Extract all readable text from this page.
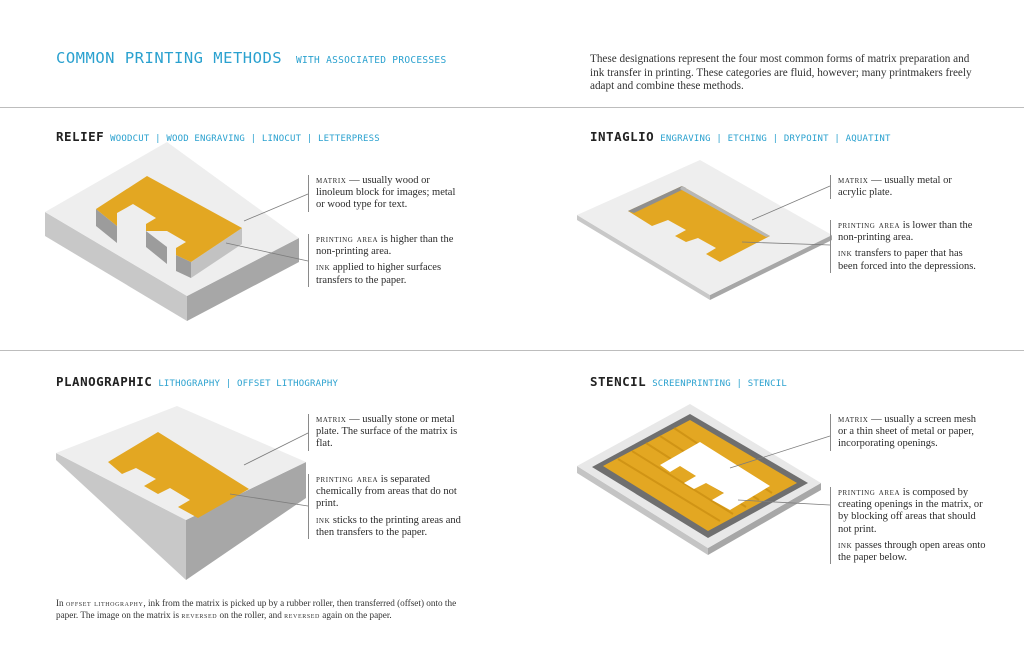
COMMON PRINTING METHODS WITH ASSOCIATED PROCESSES	These designations represent the four most common forms of matrix preparation and ink transfer in printing. These categories are fluid, however; many printmakers freely adapt and combine these methods.
RELIEF WOODCUT | WOOD ENGRAVING | LINOCUT | LETTERPRESS

matrix — usually wood or linoleum block for images; metal or wood type for text.

printing area is higher than the non-printing area.

ink applied to higher surfaces transfers to the paper.

INTAGLIO ENGRAVING | ETCHING | DRYPOINT | AQUATINT

matrix — usually metal or acrylic plate.

printing area is lower than the non-printing area.

ink transfers to paper that has been forced into the depressions.

PLANOGRAPHIC LITHOGRAPHY | OFFSET LITHOGRAPHY

matrix — usually stone or metal plate. The surface of the matrix is flat.

printing area is separated chemically from areas that do not print.

ink sticks to the printing areas and then transfers to the paper.

STENCIL SCREENPRINTING | STENCIL

matrix — usually a screen mesh or a thin sheet of metal or paper, incorporating openings.

printing area is composed by creating openings in the matrix, or by blocking off areas that should not print.

ink passes through open areas onto the paper below.

In offset lithography, ink from the matrix is picked up by a rubber roller, then transferred (offset) onto the paper. The image on the matrix is reversed on the roller, and reversed again on the paper.
